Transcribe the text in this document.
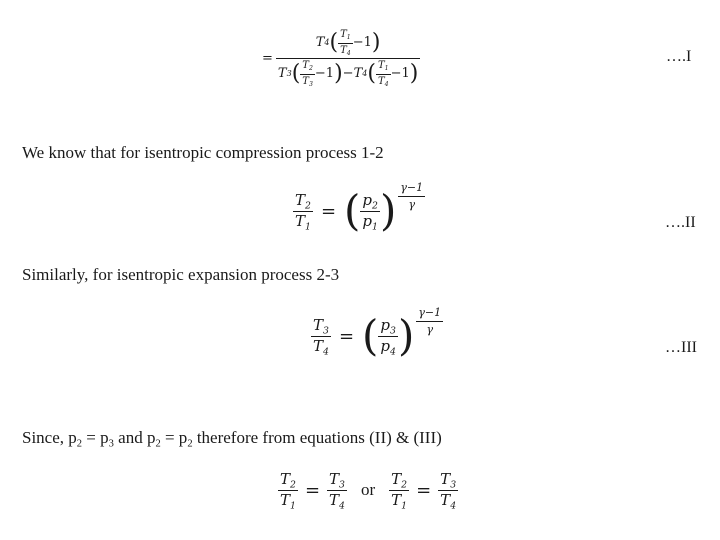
=
T 4 ( $\frac{T_1}{T_4} -1$ )
T 3 ( $\frac{T_2}{T_3} -1$ ) − T 4 ( $\frac{T_1}{T_4} -1$ )
….I
We know that for isentropic compression process 1-2
$\frac{T_2}{T_1}$ = ( $\frac{p_2}{p_1}$ ) $\frac{\gamma-1}{\gamma}$
….II
Similarly, for isentropic expansion process 2-3
$\frac{T_3}{T_4}$ = ( $\frac{p_3}{p_4}$ ) $\frac{\gamma-1}{\gamma}$
…III
Since, $p_2 = p_3$ and $p_2 = p_2$ therefore from equations (II) & (III)
$\frac{T_2}{T_1} = \frac{T_3}{T_4}$ or $\frac{T_2}{T_1} = \frac{T_3}{T_4}$
